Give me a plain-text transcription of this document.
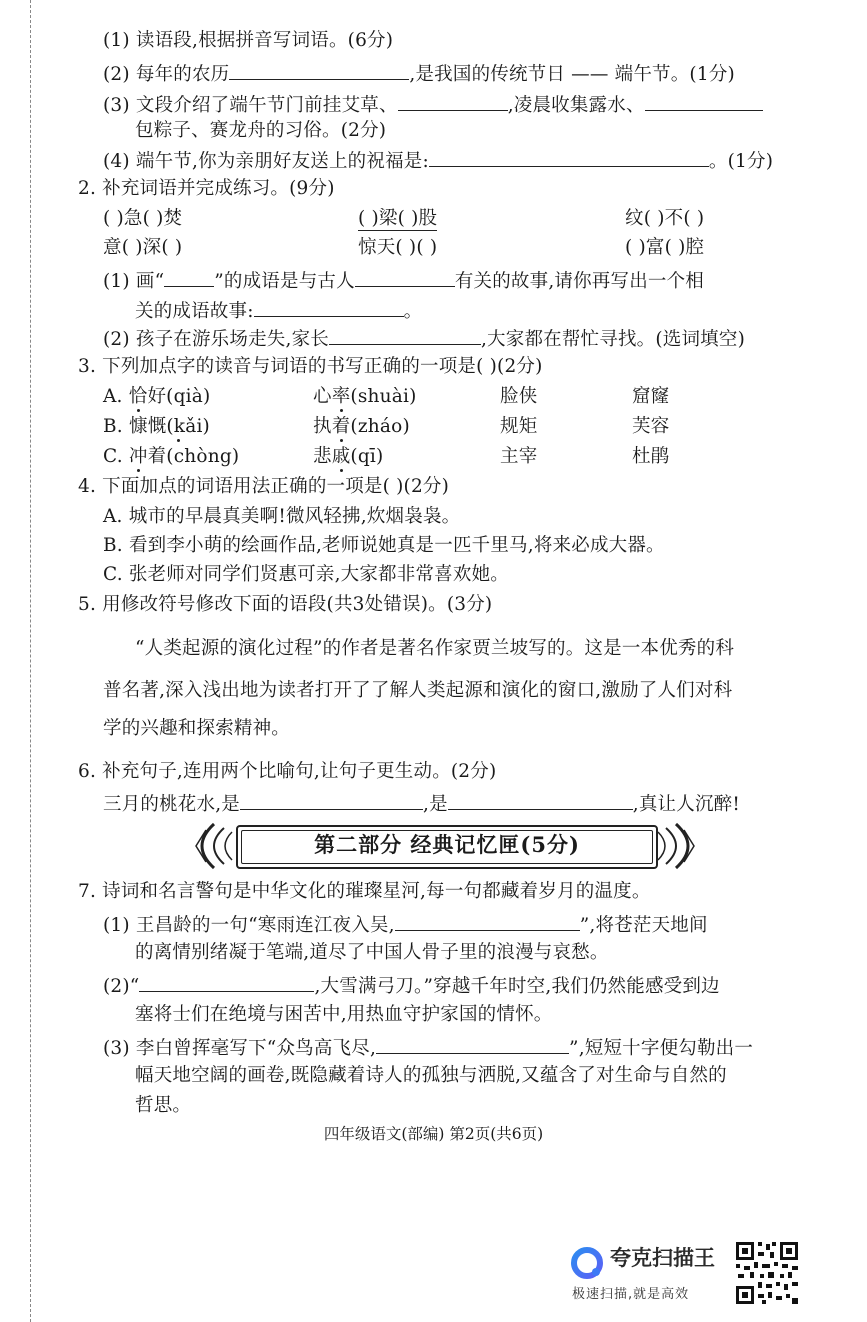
(1) 读语段,根据拼音写词语。(6分)
(2) 每年的农历	,是我国的传统节日 —— 端午节。(1分)
(3) 文段介绍了端午节门前挂艾草、	,凌晨收集露水、
包粽子、赛龙舟的习俗。(2分)
(4) 端午节,你为亲朋好友送上的祝福是:	。(1分)
2. 补充词语并完成练习。(9分)
( )急( )焚	( )梁( )股	纹( )不( )
意( )深( )	惊天( )( )	( )富( )腔
(1) 画“	”的成语是与古人	有关的故事,请你再写出一个相
关的成语故事:	。
(2) 孩子在游乐场走失,家长	,大家都在帮忙寻找。(选词填空)
3. 下列加点字的读音与词语的书写正确的一项是( )(2分)
A. 恰好(qià)	心率(shuài)	脸侠	窟窿
B. 慷慨(kǎi)	执着(zháo)	规矩	芙容
C. 冲着(chòng)	悲戚(qī)	主宰	杜鹃
4. 下面加点的词语用法正确的一项是( )(2分)
A. 城市的早晨真美啊!微风轻拂,炊烟袅袅。
B. 看到李小萌的绘画作品,老师说她真是一匹千里马,将来必成大器。
C. 张老师对同学们贤惠可亲,大家都非常喜欢她。
5. 用修改符号修改下面的语段(共3处错误)。(3分)
“人类起源的演化过程”的作者是著名作家贾兰坡写的。这是一本优秀的科
普名著,深入浅出地为读者打开了了解人类起源和演化的窗口,激励了人们对科
学的兴趣和探索精神。
6. 补充句子,连用两个比喻句,让句子更生动。(2分)
三月的桃花水,是	,是	,真让人沉醉!
第二部分 经典记忆匣(5分)
7. 诗词和名言警句是中华文化的璀璨星河,每一句都藏着岁月的温度。
(1) 王昌龄的一句“寒雨连江夜入吴,	”,将苍茫天地间
的离情别绪凝于笔端,道尽了中国人骨子里的浪漫与哀愁。
(2)“	,大雪满弓刀。”穿越千年时空,我们仍然能感受到边
塞将士们在绝境与困苦中,用热血守护家国的情怀。
(3) 李白曾挥毫写下“众鸟高飞尽,	”,短短十字便勾勒出一
幅天地空阔的画卷,既隐藏着诗人的孤独与洒脱,又蕴含了对生命与自然的
哲思。
四年级语文(部编) 第2页(共6页)
夸克扫描王
极速扫描,就是高效
